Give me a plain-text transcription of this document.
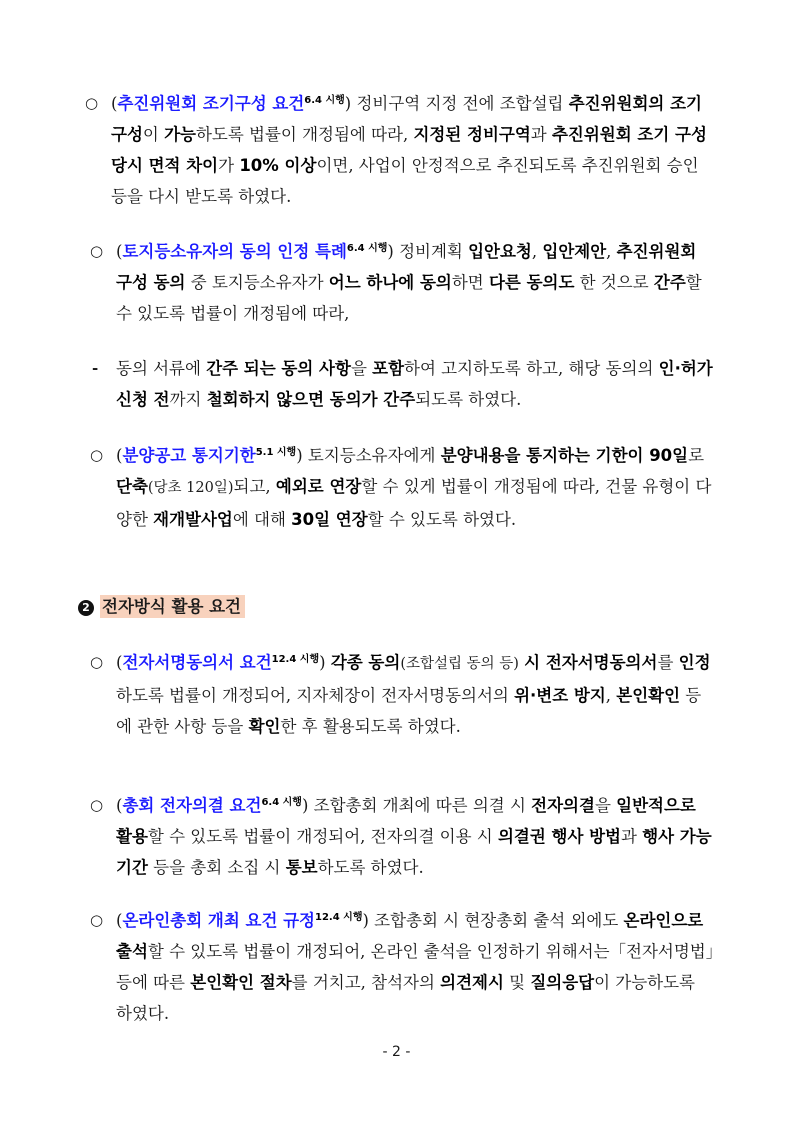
○ (추진위원회 조기구성 요건$^{6.4 시행}$) 정비구역 지정 전에 조합설립 추진위원회의 조기 구성이 가능하도록 법률이 개정됨에 따라, 지정된 정비구역과 추진위원회 조기 구성 당시 면적 차이가 10% 이상이면, 사업이 안정적으로 추진되도록 추진위원회 승인 등을 다시 받도록 하였다.
○ (토지등소유자의 동의 인정 특례$^{6.4 시행}$) 정비계획 입안요청, 입안제안, 추진위원회 구성 동의 중 토지등소유자가 어느 하나에 동의하면 다른 동의도 한 것으로 간주할 수 있도록 법률이 개정됨에 따라,
- 동의 서류에 간주 되는 동의 사항을 포함하여 고지하도록 하고, 해당 동의의 인·허가 신청 전까지 철회하지 않으면 동의가 간주되도록 하였다.
○ (분양공고 통지기한$^{5.1 시행}$) 토지등소유자에게 분양내용을 통지하는 기한이 90일로 단축(당초 120일)되고, 예외로 연장할 수 있게 법률이 개정됨에 따라, 건물 유형이 다양한 재개발사업에 대해 30일 연장할 수 있도록 하였다.
2 전자방식 활용 요건
○ (전자서명동의서 요건$^{12.4 시행}$) 각종 동의(조합설립 동의 등) 시 전자서명동의서를 인정하도록 법률이 개정되어, 지자체장이 전자서명동의서의 위·변조 방지, 본인확인 등에 관한 사항 등을 확인한 후 활용되도록 하였다.
○ (총회 전자의결 요건$^{6.4 시행}$) 조합총회 개최에 따른 의결 시 전자의결을 일반적으로 활용할 수 있도록 법률이 개정되어, 전자의결 이용 시 의결권 행사 방법과 행사 가능기간 등을 총회 소집 시 통보하도록 하였다.
○ (온라인총회 개최 요건 규정$^{12.4 시행}$) 조합총회 시 현장총회 출석 외에도 온라인으로 출석할 수 있도록 법률이 개정되어, 온라인 출석을 인정하기 위해서는「전자서명법」등에 따른 본인확인 절차를 거치고, 참석자의 의견제시 및 질의응답이 가능하도록 하였다.
- 2 -
